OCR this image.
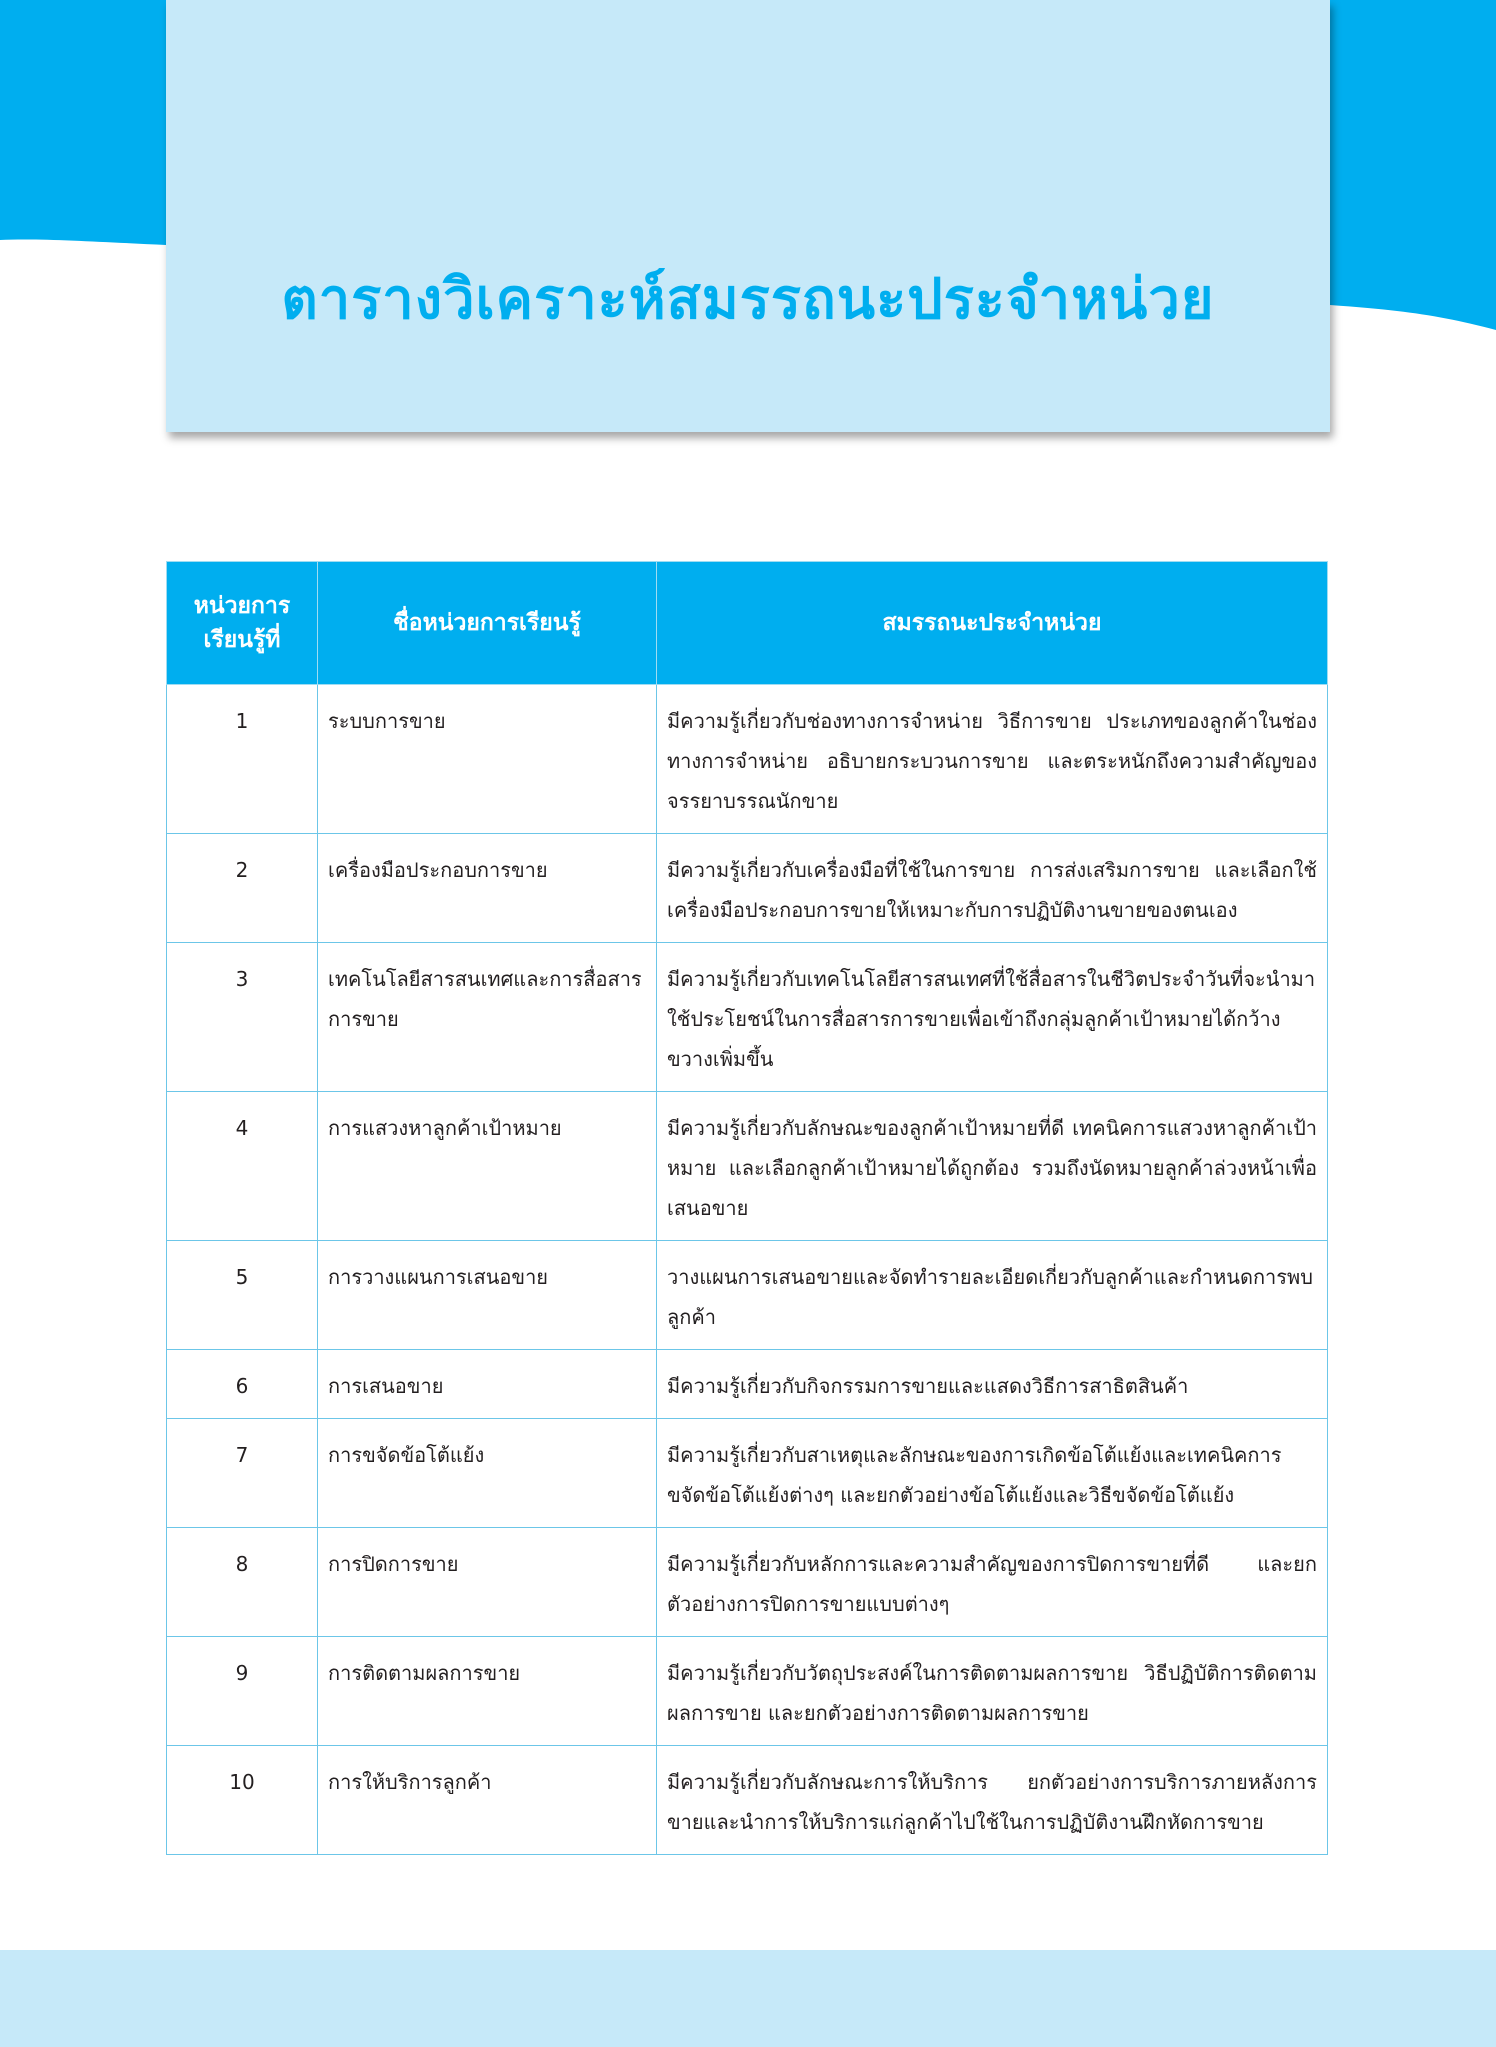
ตารางวิเคราะห์สมรรถนะประจำหน่วย
หน่วยการ เรียนรู้ที่	ชื่อหน่วยการเรียนรู้	สมรรถนะประจำหน่วย
1	ระบบการขาย	มีความรู้เกี่ยวกับช่องทางการจำหน่าย วิธีการขาย ประเภทของลูกค้าในช่องทางการจำหน่าย อธิบายกระบวนการขาย และตระหนักถึงความสำคัญของจรรยาบรรณนักขาย
2	เครื่องมือประกอบการขาย	มีความรู้เกี่ยวกับเครื่องมือที่ใช้ในการขาย การส่งเสริมการขาย และเลือกใช้เครื่องมือประกอบการขายให้เหมาะกับการปฏิบัติงานขายของตนเอง
3	เทคโนโลยีสารสนเทศและการสื่อสารการขาย	มีความรู้เกี่ยวกับเทคโนโลยีสารสนเทศที่ใช้สื่อสารในชีวิตประจำวันที่จะนำมาใช้ประโยชน์ในการสื่อสารการขายเพื่อเข้าถึงกลุ่มลูกค้าเป้าหมายได้กว้างขวางเพิ่มขึ้น
4	การแสวงหาลูกค้าเป้าหมาย	มีความรู้เกี่ยวกับลักษณะของลูกค้าเป้าหมายที่ดี เทคนิคการแสวงหาลูกค้าเป้าหมาย และเลือกลูกค้าเป้าหมายได้ถูกต้อง รวมถึงนัดหมายลูกค้าล่วงหน้าเพื่อเสนอขาย
5	การวางแผนการเสนอขาย	วางแผนการเสนอขายและจัดทำรายละเอียดเกี่ยวกับลูกค้าและกำหนดการพบลูกค้า
6	การเสนอขาย	มีความรู้เกี่ยวกับกิจกรรมการขายและแสดงวิธีการสาธิตสินค้า
7	การขจัดข้อโต้แย้ง	มีความรู้เกี่ยวกับสาเหตุและลักษณะของการเกิดข้อโต้แย้งและเทคนิคการขจัดข้อโต้แย้งต่างๆ และยกตัวอย่างข้อโต้แย้งและวิธีขจัดข้อโต้แย้ง
8	การปิดการขาย	มีความรู้เกี่ยวกับหลักการและความสำคัญของการปิดการขายที่ดี และยกตัวอย่างการปิดการขายแบบต่างๆ
9	การติดตามผลการขาย	มีความรู้เกี่ยวกับวัตถุประสงค์ในการติดตามผลการขาย วิธีปฏิบัติการติดตามผลการขาย และยกตัวอย่างการติดตามผลการขาย
10	การให้บริการลูกค้า	มีความรู้เกี่ยวกับลักษณะการให้บริการ ยกตัวอย่างการบริการภายหลังการขายและนำการให้บริการแก่ลูกค้าไปใช้ในการปฏิบัติงานฝึกหัดการขาย
